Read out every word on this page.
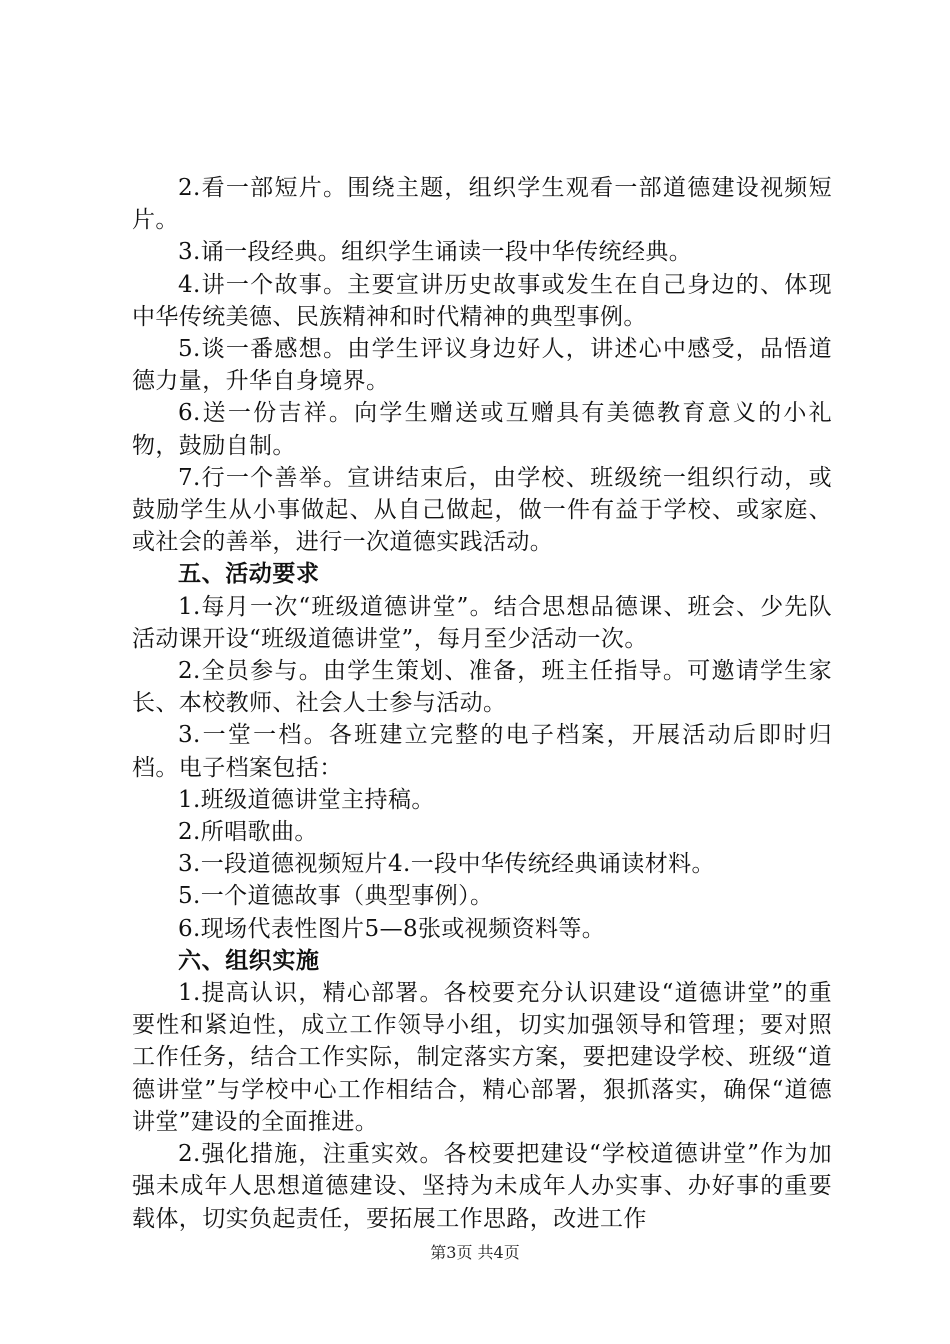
2.看一部短片。围绕主题，组织学生观看一部道德建设视频短片。

3.诵一段经典。组织学生诵读一段中华传统经典。

4.讲一个故事。主要宣讲历史故事或发生在自己身边的、体现中华传统美德、民族精神和时代精神的典型事例。

5.谈一番感想。由学生评议身边好人，讲述心中感受，品悟道德力量，升华自身境界。

6.送一份吉祥。向学生赠送或互赠具有美德教育意义的小礼物，鼓励自制。

7.行一个善举。宣讲结束后，由学校、班级统一组织行动，或鼓励学生从小事做起、从自己做起，做一件有益于学校、或家庭、或社会的善举，进行一次道德实践活动。

五、活动要求

1.每月一次“班级道德讲堂”。结合思想品德课、班会、少先队活动课开设“班级道德讲堂”，每月至少活动一次。

2.全员参与。由学生策划、准备，班主任指导。可邀请学生家长、本校教师、社会人士参与活动。

3.一堂一档。各班建立完整的电子档案，开展活动后即时归档。电子档案包括：

1.班级道德讲堂主持稿。

2.所唱歌曲。

3.一段道德视频短片4.一段中华传统经典诵读材料。

5.一个道德故事（典型事例）。

6.现场代表性图片5—8张或视频资料等。

六、组织实施

1.提高认识，精心部署。各校要充分认识建设“道德讲堂”的重要性和紧迫性，成立工作领导小组，切实加强领导和管理；要对照工作任务，结合工作实际，制定落实方案，要把建设学校、班级“道德讲堂”与学校中心工作相结合，精心部署，狠抓落实，确保“道德讲堂”建设的全面推进。

2.强化措施，注重实效。各校要把建设“学校道德讲堂”作为加强未成年人思想道德建设、坚持为未成年人办实事、办好事的重要载体，切实负起责任，要拓展工作思路，改进工作

第3页 共4页
